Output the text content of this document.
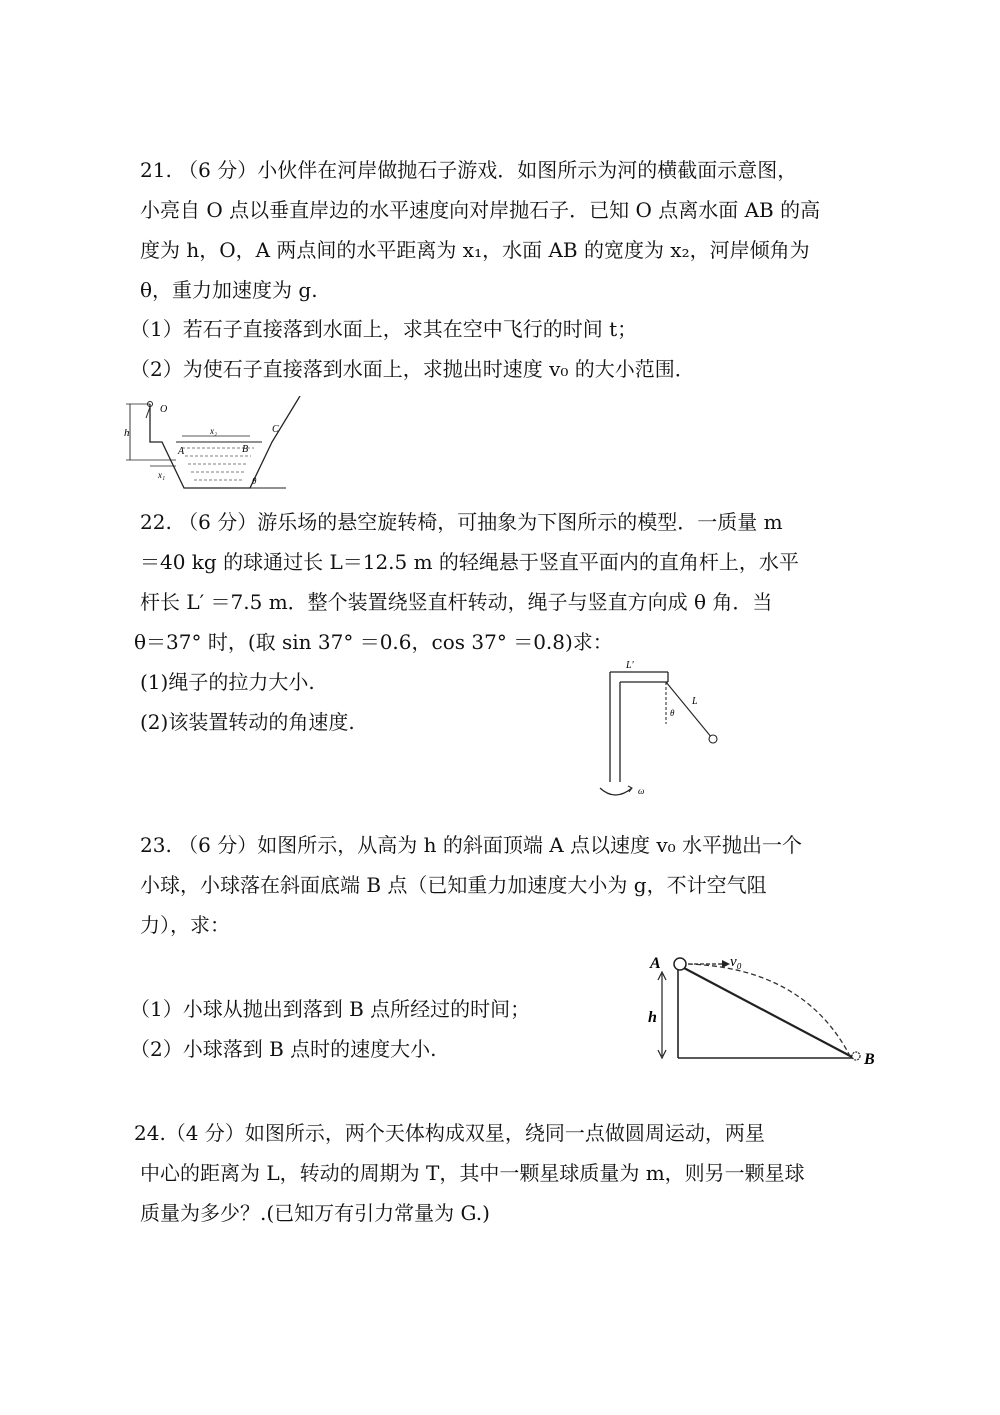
21. （6 分）小伙伴在河岸做抛石子游戏．如图所示为河的横截面示意图，
小亮自 O 点以垂直岸边的水平速度向对岸抛石子．已知 O 点离水面 AB 的高
度为 h，O，A 两点间的水平距离为 x₁，水面 AB 的宽度为 x₂，河岸倾角为
θ，重力加速度为 g.
（1）若石子直接落到水面上，求其在空中飞行的时间 t；
（2）为使石子直接落到水面上，求抛出时速度 v₀ 的大小范围．
h
O
A	B
C
x₁
x₂
θ
22. （6 分）游乐场的悬空旋转椅，可抽象为下图所示的模型．一质量 m
＝40 kg 的球通过长 L＝12.5 m 的轻绳悬于竖直平面内的直角杆上，水平
杆长 L′ ＝7.5 m．整个装置绕竖直杆转动，绳子与竖直方向成 θ 角．当
θ＝37° 时，(取 sin 37° ＝0.6，cos 37° ＝0.8)求：
(1)绳子的拉力大小.
(2)该装置转动的角速度.
L′
L
θ
ω
23. （6 分）如图所示，从高为 h 的斜面顶端 A 点以速度 v₀ 水平抛出一个
小球，小球落在斜面底端 B 点（已知重力加速度大小为 g，不计空气阻
力），求：
（1）小球从抛出到落到 B 点所经过的时间；
（2）小球落到 B 点时的速度大小.
A
h
v₀
B
24.（4 分）如图所示，两个天体构成双星，绕同一点做圆周运动，两星
中心的距离为 L，转动的周期为 T，其中一颗星球质量为 m，则另一颗星球
质量为多少？.(已知万有引力常量为 G.)
